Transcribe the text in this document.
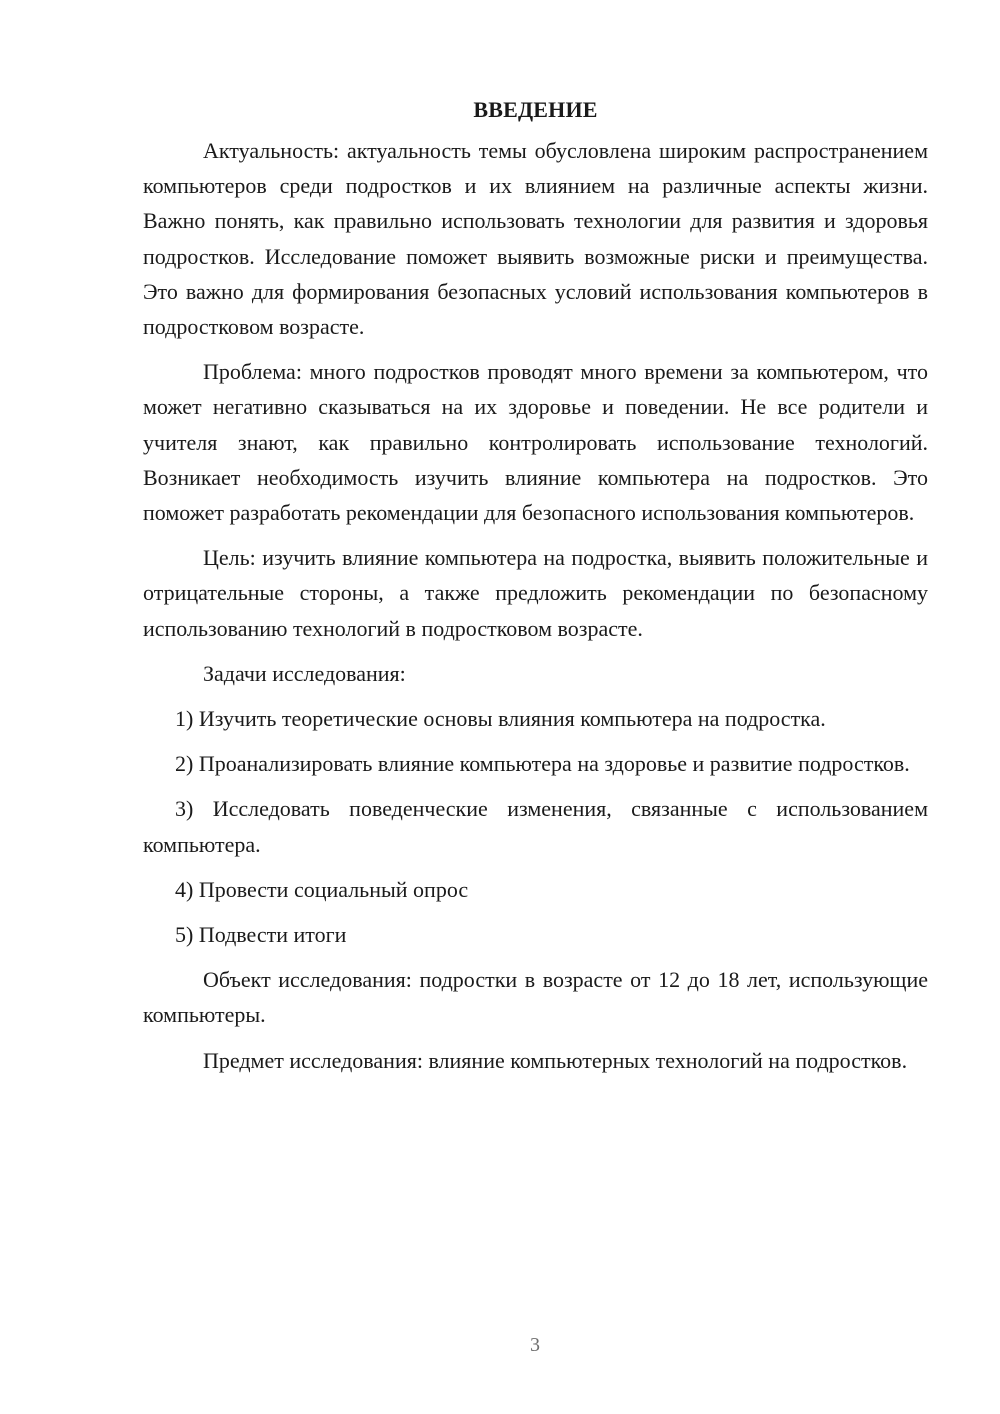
ВВЕДЕНИЕ

Актуальность: актуальность темы обусловлена широким распространением компьютеров среди подростков и их влиянием на различные аспекты жизни. Важно понять, как правильно использовать технологии для развития и здоровья подростков. Исследование поможет выявить возможные риски и преимущества. Это важно для формирования безопасных условий использования компьютеров в подростковом возрасте.

Проблема: много подростков проводят много времени за компьютером, что может негативно сказываться на их здоровье и поведении. Не все родители и учителя знают, как правильно контролировать использование технологий. Возникает необходимость изучить влияние компьютера на подростков. Это поможет разработать рекомендации для безопасного использования компьютеров.

Цель: изучить влияние компьютера на подростка, выявить положительные и отрицательные стороны, а также предложить рекомендации по безопасному использованию технологий в подростковом возрасте.

Задачи исследования:

1) Изучить теоретические основы влияния компьютера на подростка.

2) Проанализировать влияние компьютера на здоровье и развитие подростков.

3) Исследовать поведенческие изменения, связанные с использованием компьютера.

4) Провести социальный опрос

5) Подвести итоги

Объект исследования: подростки в возрасте от 12 до 18 лет, использующие компьютеры.

Предмет исследования: влияние компьютерных технологий на подростков.

3
